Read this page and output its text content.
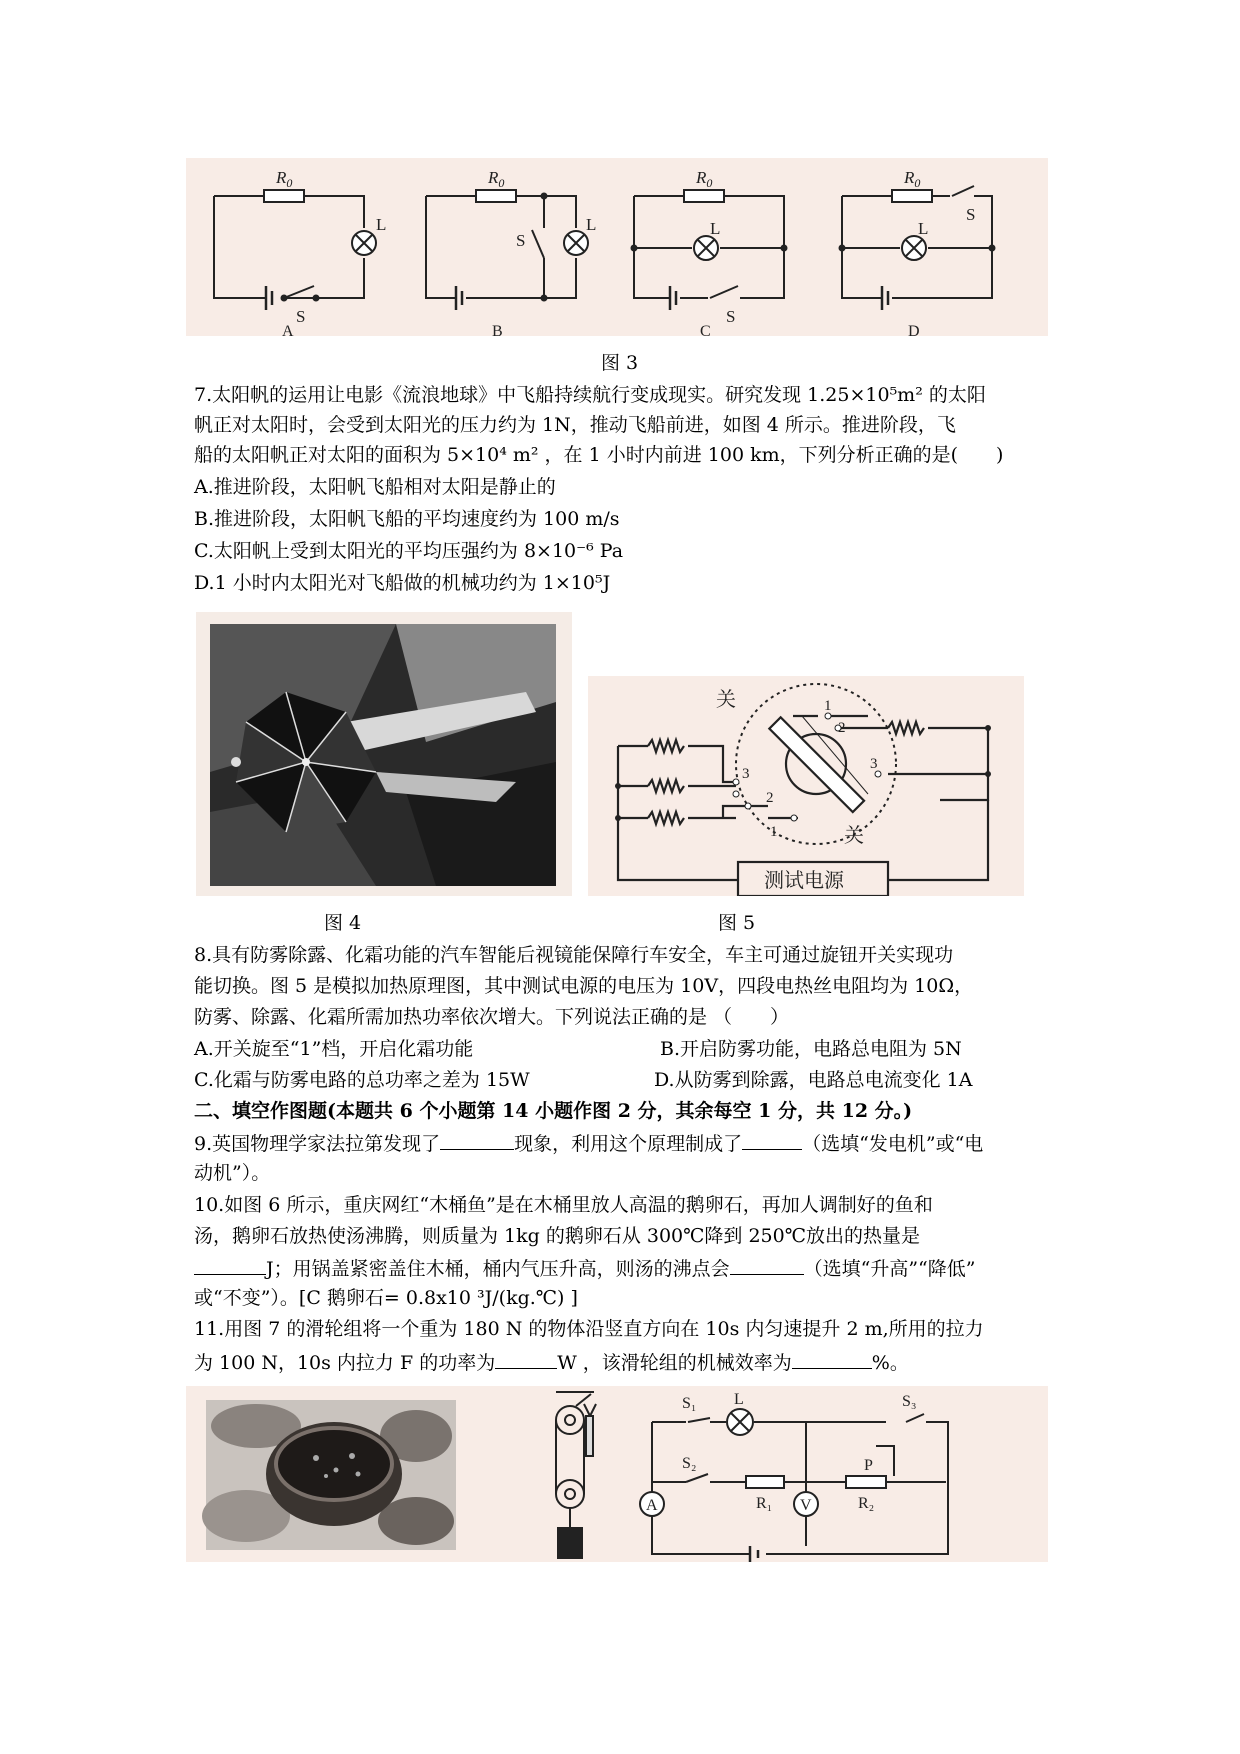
$R_0$	$R_0$	$R_0$	$R_0$
L	L	L	L
S
S
S
S
A	B	C	D
图 3
7.太阳帆的运用让电影《流浪地球》中飞船持续航行变成现实。研究发现 1.25×10⁵m² 的太阳
帆正对太阳时，会受到太阳光的压力约为 1N，推动飞船前进，如图 4 所示。推进阶段，飞
船的太阳帆正对太阳的面积为 5×10⁴ m² ，在 1 小时内前进 100 km，下列分析正确的是(　　)
A.推进阶段，太阳帆飞船相对太阳是静止的
B.推进阶段，太阳帆飞船的平均速度约为 100 m/s
C.太阳帆上受到太阳光的平均压强约为 8×10⁻⁶ Pa
D.1 小时内太阳光对飞船做的机械功约为 1×10⁵J
1
2
3
3
2
1
关
关
测试电源
图 4	图 5
8.具有防雾除露、化霜功能的汽车智能后视镜能保障行车安全，车主可通过旋钮开关实现功
能切换。图 5 是模拟加热原理图，其中测试电源的电压为 10V，四段电热丝电阻均为 10Ω，
防雾、除露、化霜所需加热功率依次增大。下列说法正确的是 （　　）
A.开关旋至“1”档，开启化霜功能	B.开启防雾功能，电路总电阻为 5N
C.化霜与防雾电路的总功率之差为 15W	D.从防雾到除露，电路总电流变化 1A
二、填空作图题(本题共 6 个小题第 14 小题作图 2 分，其余每空 1 分，共 12 分。)
9.英国物理学家法拉第发现了	现象，利用这个原理制成了	（选填“发电机”或“电
动机”）。
10.如图 6 所示，重庆网红“木桶鱼”是在木桶里放人高温的鹅卵石，再加人调制好的鱼和
汤，鹅卵石放热使汤沸腾，则质量为 1kg 的鹅卵石从 300℃降到 250℃放出的热量是
J；用锅盖紧密盖住木桶，桶内气压升高，则汤的沸点会	（选填“升高”“降低”
或“不变”）。[C 鹅卵石= 0.8x10 ³J/(kg.℃) ]
11.用图 7 的滑轮组将一个重为 180 N 的物体沿竖直方向在 10s 内匀速提升 2 m,所用的拉力
为 100 N，10s 内拉力 F 的功率为	W ，该滑轮组的机械效率为	%。
S₁ L	S₃
S₂
A	V
R₁	R₂
P
